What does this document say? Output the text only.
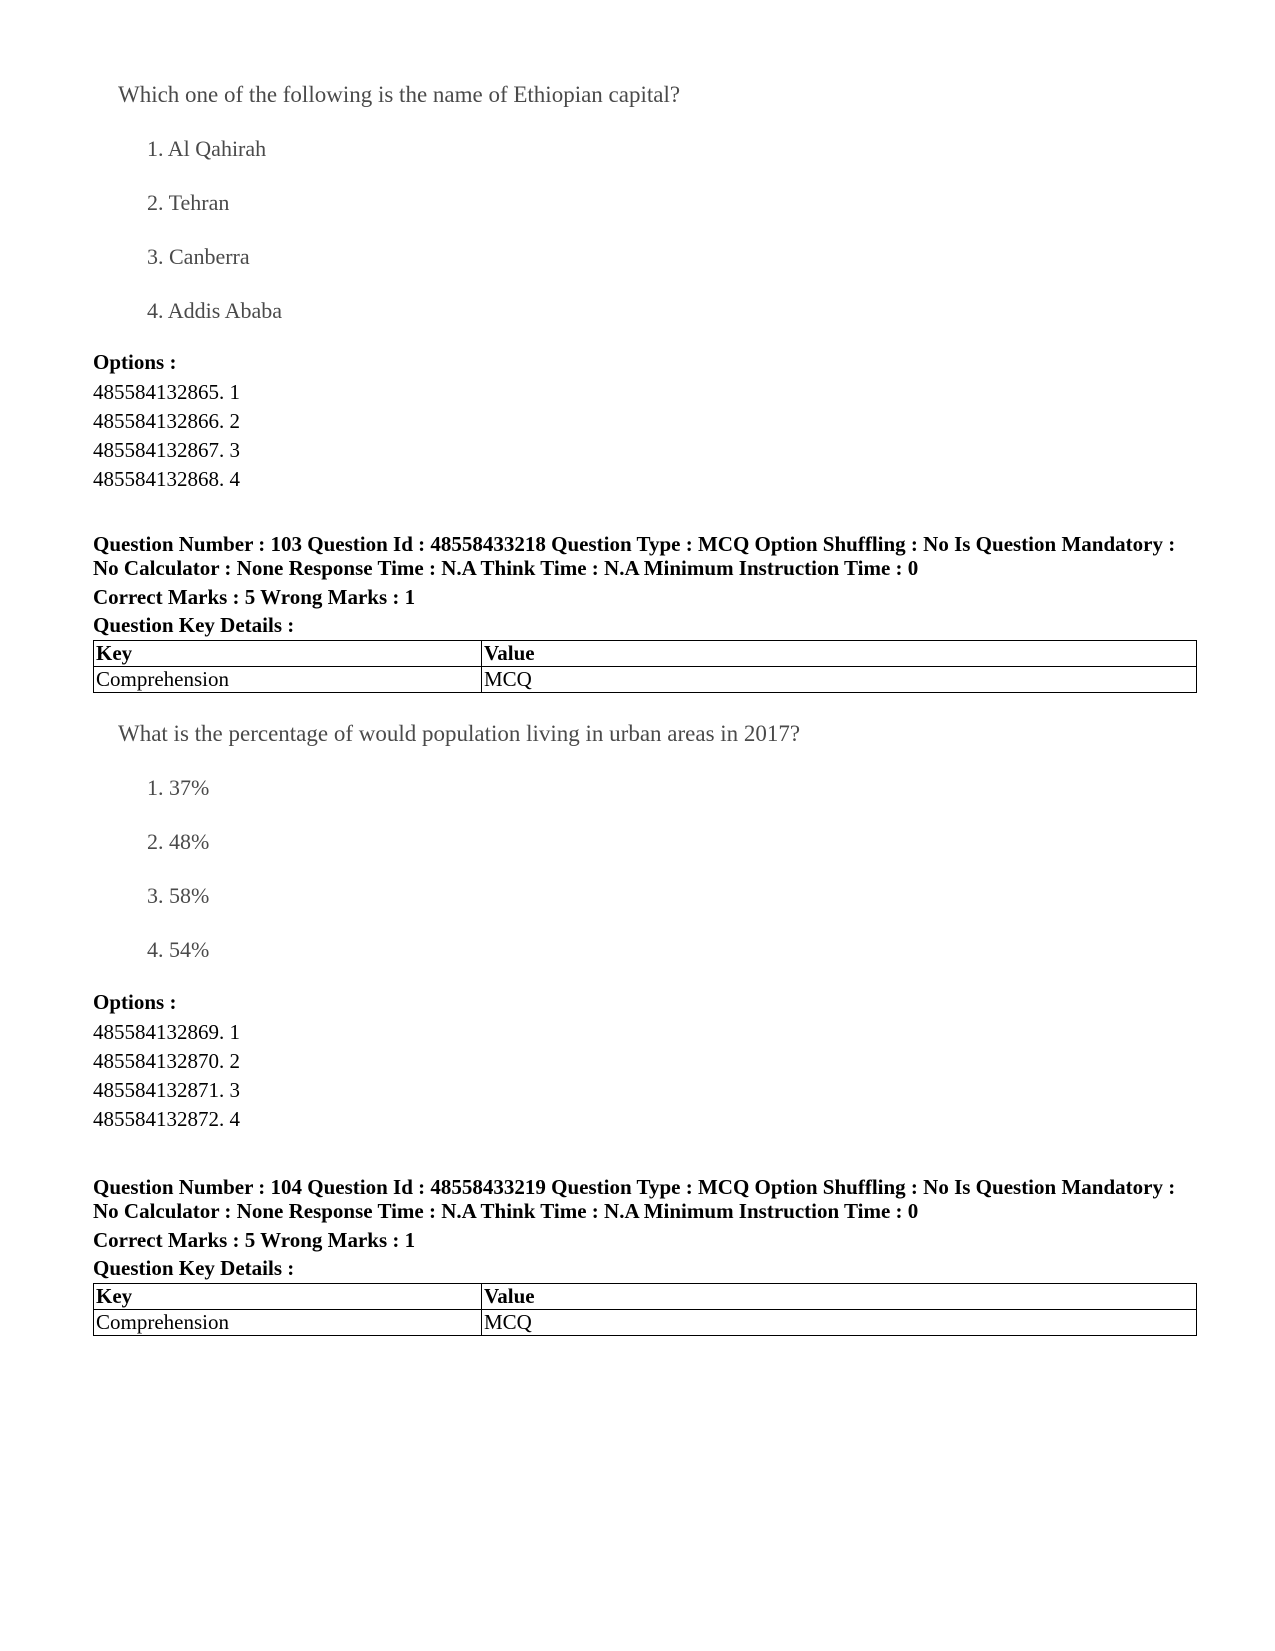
Which one of the following is the name of Ethiopian capital?
1. Al Qahirah
2. Tehran
3. Canberra
4. Addis Ababa
Options :
485584132865. 1
485584132866. 2
485584132867. 3
485584132868. 4
Question Number : 103 Question Id : 48558433218 Question Type : MCQ Option Shuffling : No Is Question Mandatory :
No Calculator : None Response Time : N.A Think Time : N.A Minimum Instruction Time : 0
Correct Marks : 5 Wrong Marks : 1
Question Key Details :
Key	Value
Comprehension	MCQ
What is the percentage of would population living in urban areas in 2017?
1. 37%
2. 48%
3. 58%
4. 54%
Options :
485584132869. 1
485584132870. 2
485584132871. 3
485584132872. 4
Question Number : 104 Question Id : 48558433219 Question Type : MCQ Option Shuffling : No Is Question Mandatory :
No Calculator : None Response Time : N.A Think Time : N.A Minimum Instruction Time : 0
Correct Marks : 5 Wrong Marks : 1
Question Key Details :
Key	Value
Comprehension	MCQ
